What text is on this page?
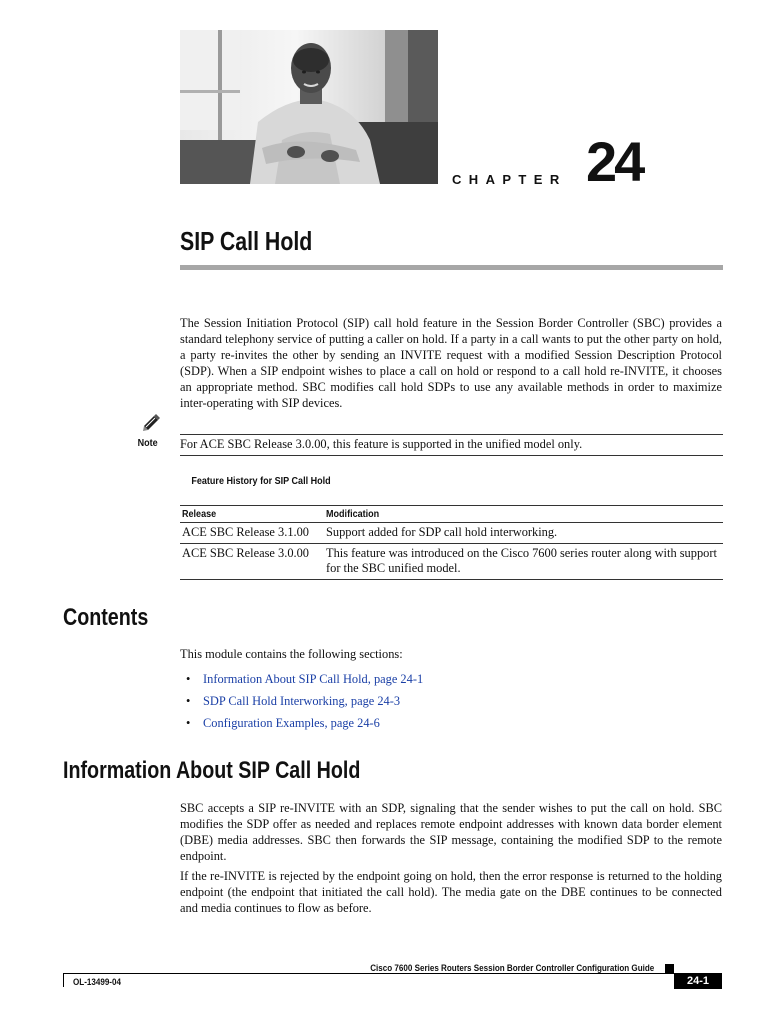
CHAPTER 24
SIP Call Hold
The Session Initiation Protocol (SIP) call hold feature in the Session Border Controller (SBC) provides a standard telephony service of putting a caller on hold. If a party in a call wants to put the other party on hold, a party re-invites the other by sending an INVITE request with a modified Session Description Protocol (SDP). When a SIP endpoint wishes to place a call on hold or respond to a call hold re-INVITE, it chooses an appropriate method. SBC modifies call hold SDPs to use any available methods in order to maximize inter-operating with SIP devices.
Note For ACE SBC Release 3.0.00, this feature is supported in the unified model only.
Feature History for SIP Call Hold
Release	Modification
ACE SBC Release 3.1.00	Support added for SDP call hold interworking.
ACE SBC Release 3.0.00	This feature was introduced on the Cisco 7600 series router along with support for the SBC unified model.
Contents
This module contains the following sections:
• Information About SIP Call Hold, page 24-1
• SDP Call Hold Interworking, page 24-3
• Configuration Examples, page 24-6
Information About SIP Call Hold
SBC accepts a SIP re-INVITE with an SDP, signaling that the sender wishes to put the call on hold. SBC modifies the SDP offer as needed and replaces remote endpoint addresses with known data border element (DBE) media addresses. SBC then forwards the SIP message, containing the modified SDP to the remote endpoint.
If the re-INVITE is rejected by the endpoint going on hold, then the error response is returned to the holding endpoint (the endpoint that initiated the call hold). The media gate on the DBE continues to be connected and media continues to flow as before.
Cisco 7600 Series Routers Session Border Controller Configuration Guide
OL-13499-04	24-1
